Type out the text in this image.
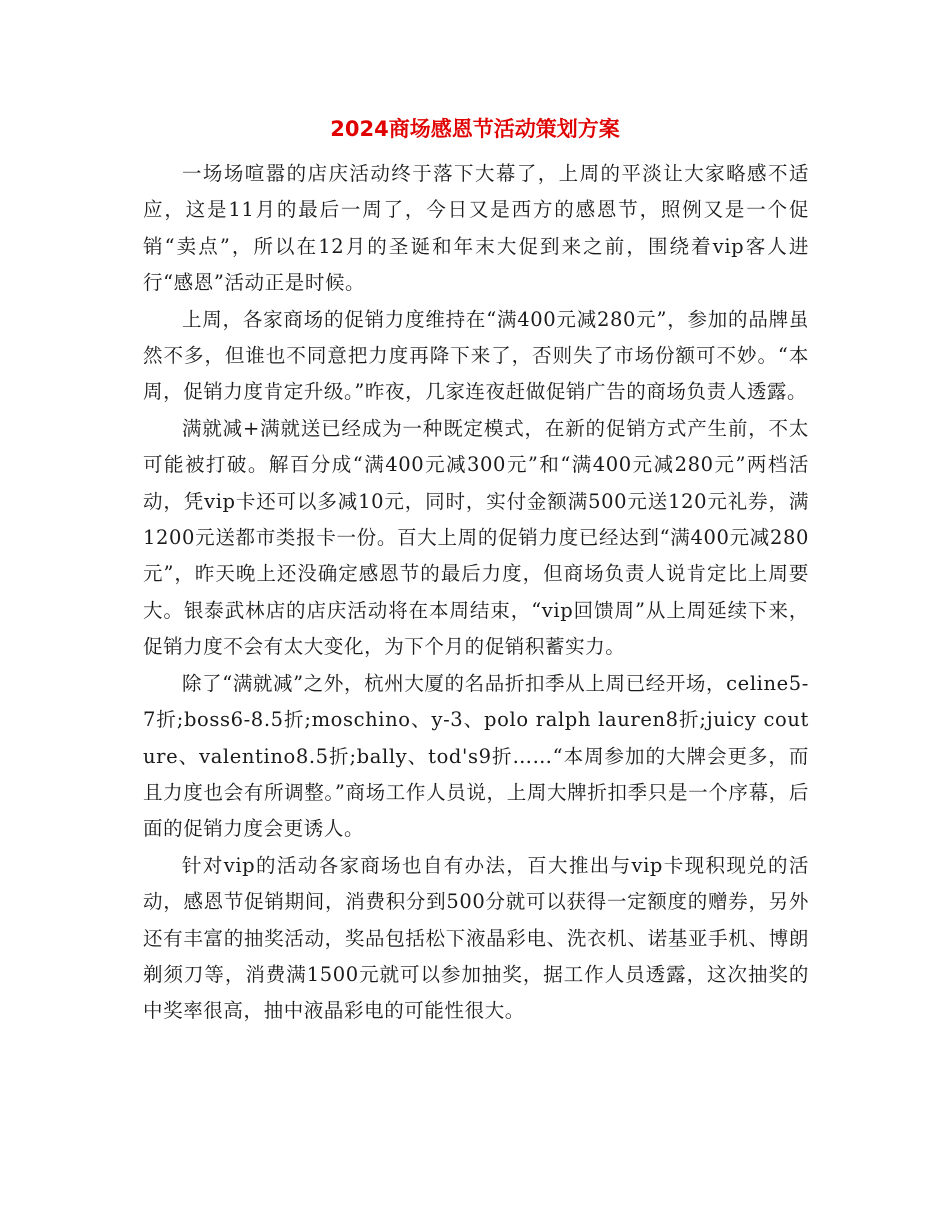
2024商场感恩节活动策划方案

一场场喧嚣的店庆活动终于落下大幕了，上周的平淡让大家略感不适应，这是11月的最后一周了，今日又是西方的感恩节，照例又是一个促销“卖点”，所以在12月的圣诞和年末大促到来之前，围绕着vip客人进行“感恩”活动正是时候。

上周，各家商场的促销力度维持在“满400元减280元”，参加的品牌虽然不多，但谁也不同意把力度再降下来了，否则失了市场份额可不妙。“本周，促销力度肯定升级。”昨夜，几家连夜赶做促销广告的商场负责人透露。

满就减+满就送已经成为一种既定模式，在新的促销方式产生前，不太可能被打破。解百分成“满400元减300元”和“满400元减280元”两档活动，凭vip卡还可以多减10元，同时，实付金额满500元送120元礼券，满1200元送都市类报卡一份。百大上周的促销力度已经达到“满400元减280元”，昨天晚上还没确定感恩节的最后力度，但商场负责人说肯定比上周要大。银泰武林店的店庆活动将在本周结束，“vip回馈周”从上周延续下来，促销力度不会有太大变化，为下个月的促销积蓄实力。

除了“满就减”之外，杭州大厦的名品折扣季从上周已经开场，celine5-7折;boss6-8.5折;moschino、y-3、polo ralph lauren8折;juicy couture、valentino8.5折;bally、tod's9折……“本周参加的大牌会更多，而且力度也会有所调整。”商场工作人员说，上周大牌折扣季只是一个序幕，后面的促销力度会更诱人。

针对vip的活动各家商场也自有办法，百大推出与vip卡现积现兑的活动，感恩节促销期间，消费积分到500分就可以获得一定额度的赠券，另外还有丰富的抽奖活动，奖品包括松下液晶彩电、洗衣机、诺基亚手机、博朗剃须刀等，消费满1500元就可以参加抽奖，据工作人员透露，这次抽奖的中奖率很高，抽中液晶彩电的可能性很大。
